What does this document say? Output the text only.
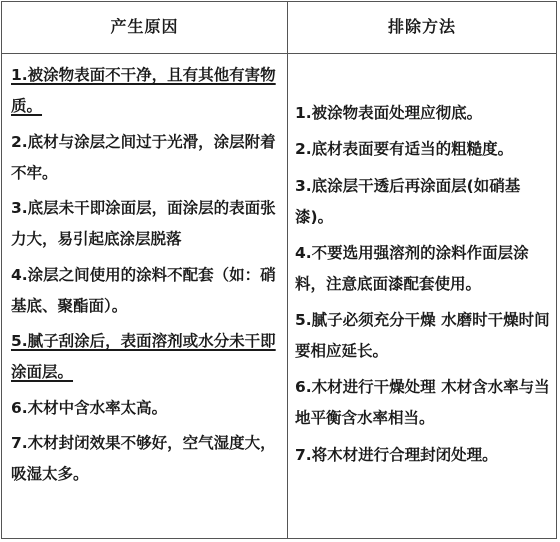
产生原因	排除方法

1.被涂物表面不干净，且有其他有害物质。

2.底材与涂层之间过于光滑，涂层附着不牢。

3.底层未干即涂面层，面涂层的表面张力大，易引起底涂层脱落

4.涂层之间使用的涂料不配套（如：硝基底、聚酯面）。

5.腻子刮涂后，表面溶剂或水分未干即涂面层。

6.木材中含水率太高。

7.木材封闭效果不够好，空气湿度大，吸湿太多。

1.被涂物表面处理应彻底。

2.底材表面要有适当的粗糙度。

3.底涂层干透后再涂面层(如硝基漆)。

4.不要选用强溶剂的涂料作面层涂料，注意底面漆配套使用。

5.腻子必须充分干燥 水磨时干燥时间要相应延长。

6.木材进行干燥处理 木材含水率与当地平衡含水率相当。

7.将木材进行合理封闭处理。
